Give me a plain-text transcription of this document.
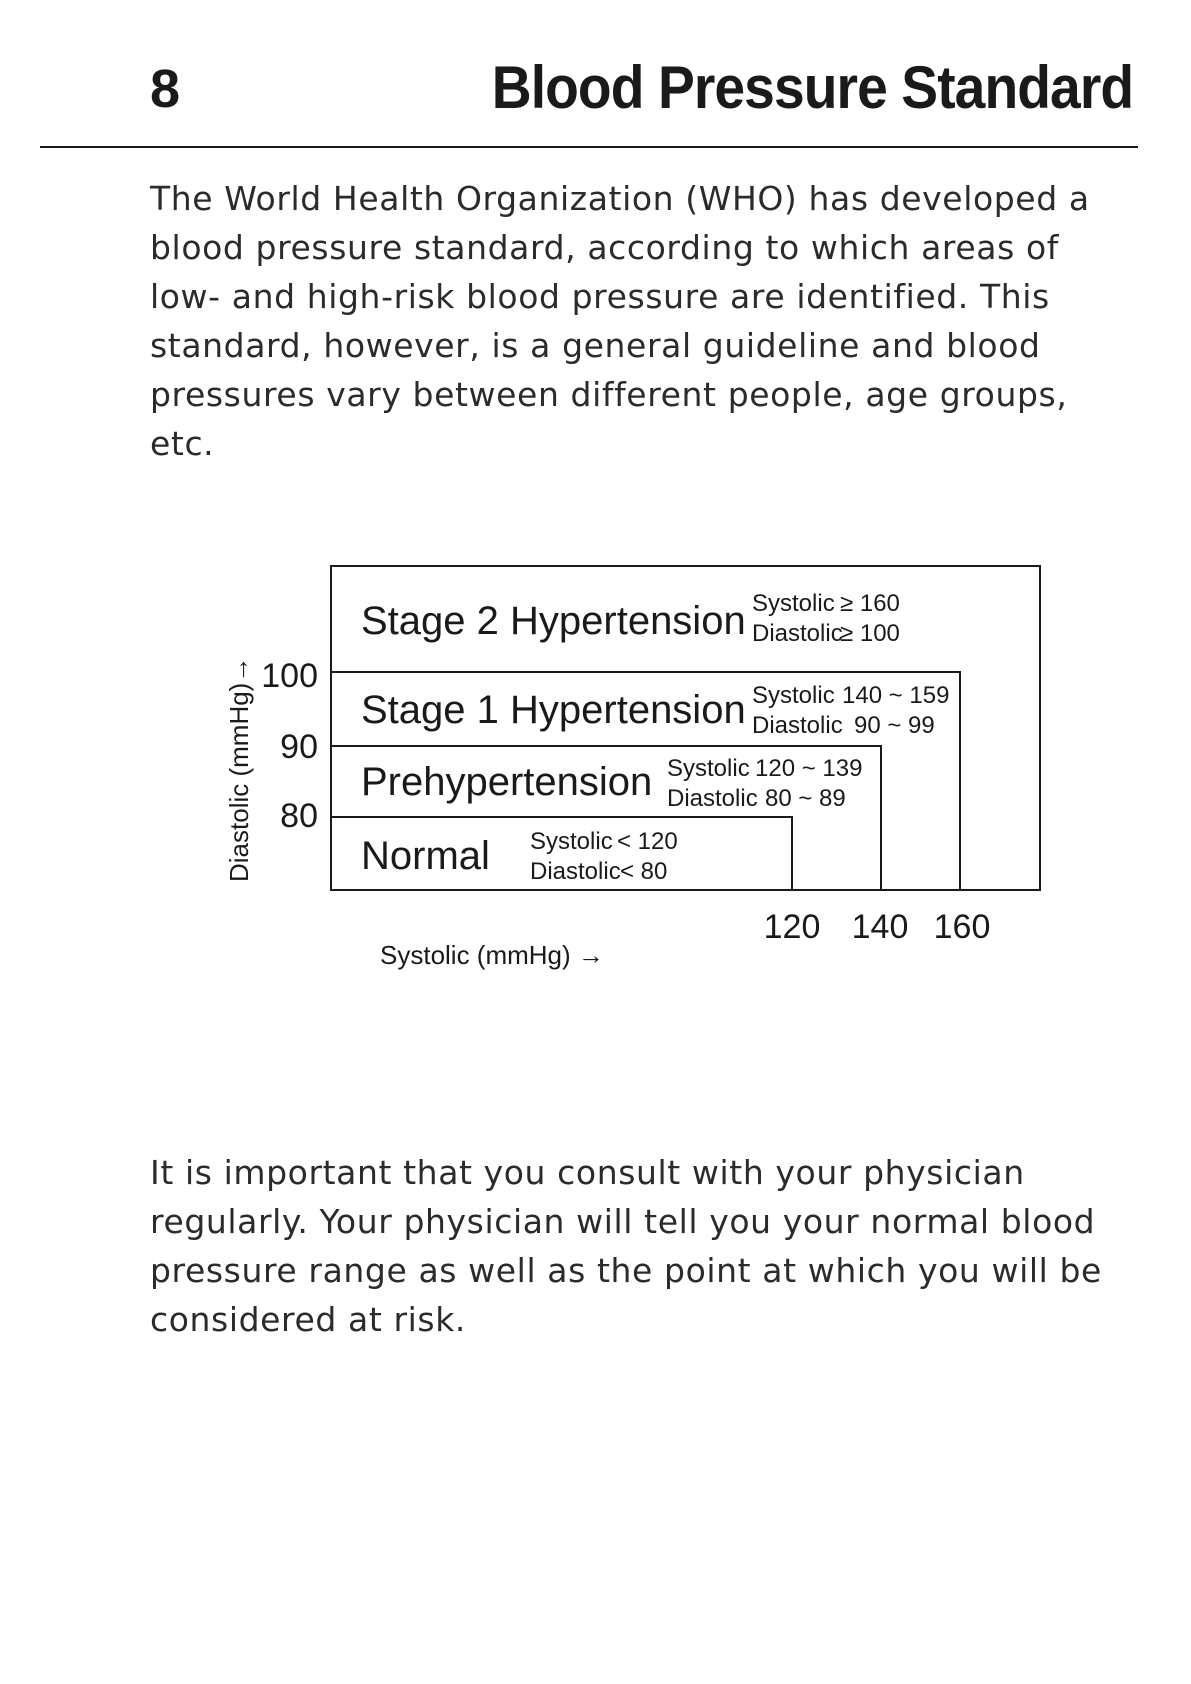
8	Blood Pressure Standard

The World Health Organization (WHO) has developed a blood pressure standard, according to which areas of low- and high-risk blood pressure are identified. This standard, however, is a general guideline and blood pressures vary between different people, age groups, etc.

Stage 2 Hypertension Systolic ≥ 160
Diastolic
≥ 100
Stage 1 Hypertension Systolic 140 ~ 159
Diastolic 90 ~ 99
Prehypertension Systolic 120 ~ 139
Diastolic 80 ~ 89
Normal Systolic < 120
Diastolic < 80
100
90
80
120 140 160
Diastolic (mmHg)→
Systolic (mmHg) →

It is important that you consult with your physician regularly. Your physician will tell you your normal blood pressure range as well as the point at which you will be considered at risk.
